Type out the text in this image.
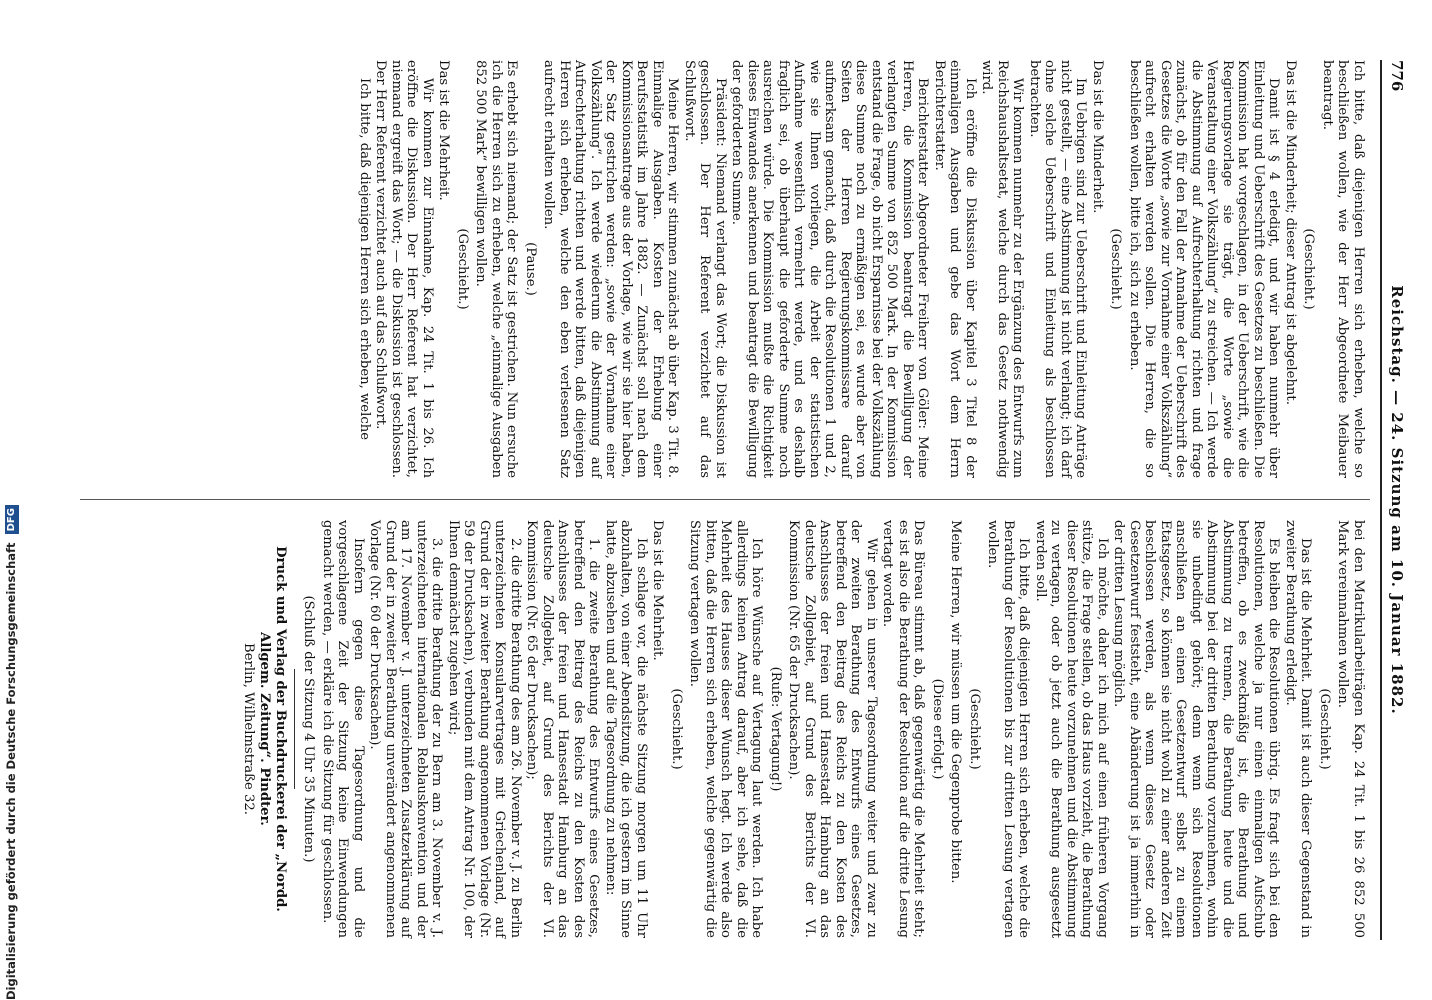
776
Reichstag. — 24. Sitzung am 10. Januar 1882.

Ich bitte, daß diejenigen Herren sich erheben, welche so beschließen wollen, wie der Herr Abgeordnete Meibauer beantragt.

(Geschieht.)

Das ist die Minderheit; dieser Antrag ist abgelehnt.

Damit ist § 4 erledigt, und wir haben nunmehr über Einleitung und Ueberschrift des Gesetzes zu beschließen. Die Kommission hat vorgeschlagen, in der Ueberschrift, wie die Regierungsvorlage sie trägt, die Worte „sowie die Veranstaltung einer Volkszählung“ zu streichen. — Ich werde die Abstimmung auf Aufrechterhaltung richten und frage zunächst, ob für den Fall der Annahme der Ueberschrift des Gesetzes die Worte „sowie zur Vornahme einer Volkszählung“ aufrecht erhalten werden sollen. Die Herren, die so beschließen wollen, bitte ich, sich zu erheben.

(Geschieht.)

Das ist die Minderheit.

Im Uebrigen sind zur Ueberschrift und Einleitung Anträge nicht gestellt, — eine Abstimmung ist nicht verlangt; ich darf ohne solche Ueberschrift und Einleitung als beschlossen betrachten.

Wir kommen nunmehr zu der Ergänzung des Entwurfs zum Reichshaushaltsetat, welche durch das Gesetz nothwendig wird.

Ich eröffne die Diskussion über Kapitel 3 Titel 8 der einmaligen Ausgaben und gebe das Wort dem Herrn Berichterstatter.

Berichterstatter Abgeordneter Freiherr von Göler: Meine Herren, die Kommission beantragt die Bewilligung der verlangten Summe von 852 500 Mark. In der Kommission entstand die Frage, ob nicht Ersparnisse bei der Volkszählung diese Summe noch zu ermäßigen sei, es wurde aber von Seiten der Herren Regierungskommissare darauf aufmerksam gemacht, daß durch die Resolutionen 1 und 2, wie sie Ihnen vorliegen, die Arbeit der statistischen Aufnahme wesentlich vermehrt werde, und es deshalb fraglich sei, ob überhaupt die geforderte Summe noch ausreichen würde. Die Kommission mußte die Richtigkeit dieses Einwandes anerkennen und beantragt die Bewilligung der geforderten Summe.

Präsident: Niemand verlangt das Wort; die Diskussion ist geschlossen. Der Herr Referent verzichtet auf das Schlußwort.

Meine Herren, wir stimmen zunächst ab über Kap. 3 Tit. 8. Einmalige Ausgaben. Kosten der Erhebung einer Berufsstatistik im Jahre 1882. — Zunächst soll nach dem Kommissionsantrage aus der Vorlage, wie wir sie hier haben, der Satz gestrichen werden: „sowie der Vornahme einer Volkszählung“. Ich werde wiederum die Abstimmung auf Aufrechterhaltung richten und werde bitten, daß diejenigen Herren sich erheben, welche den eben verlesenen Satz aufrecht erhalten wollen.

(Pause.)

Es erhebt sich niemand; der Satz ist gestrichen. Nun ersuche ich die Herren sich zu erheben, welche „einmalige Ausgaben 852 500 Mark“ bewilligen wollen.

(Geschieht.)

Das ist die Mehrheit.

Wir kommen zur Einnahme, Kap. 24 Tit. 1 bis 26. Ich eröffne die Diskussion. Der Herr Referent hat verzichtet, niemand ergreift das Wort; — die Diskussion ist geschlossen. Der Herr Referent verzichtet auch auf das Schlußwort.

Ich bitte, daß diejenigen Herren sich erheben, welche

bei den Matrikularbeiträgen Kap. 24 Tit. 1 bis 26 852 500 Mark vereinnahmen wollen.

(Geschieht.)

Das ist die Mehrheit. Damit ist auch dieser Gegenstand in zweiter Berathung erledigt.

Es bleiben die Resolutionen übrig. Es fragt sich bei den Resolutionen, welche ja nur einen einmaligen Aufschub betreffen, ob es zweckmäßig ist, die Berathung und Abstimmung zu trennen, die Berathung heute und die Abstimmung bei der dritten Berathung vorzunehmen, wohin sie unbedingt gehört; denn wenn sich Resolutionen anschließen an einen Gesetzentwurf selbst zu einem Etatsgesetz, so können sie nicht wohl zu einer anderen Zeit beschlossen werden, als wenn dieses Gesetz oder Gesetzentwurf feststeht, eine Abänderung ist ja immerhin in der dritten Lesung möglich.

Ich möchte, daher ich mich auf einen früheren Vorgang stütze, die Frage stellen, ob das Haus vorzieht, die Berathung dieser Resolutionen heute vorzunehmen und die Abstimmung zu vertagen, oder ob jetzt auch die Berathung ausgesetzt werden soll.

Ich bitte, daß diejenigen Herren sich erheben, welche die Berathung der Resolutionen bis zur dritten Lesung vertagen wollen.

(Geschieht.)

Meine Herren, wir müssen um die Gegenprobe bitten.

(Diese erfolgt.)

Das Büreau stimmt ab, daß gegenwärtig die Mehrheit steht; es ist also die Berathung der Resolution auf die dritte Lesung vertagt worden.

Wir gehen in unserer Tagesordnung weiter und zwar zu der zweiten Berathung des Entwurfs eines Gesetzes, betreffend den Beitrag des Reichs zu den Kosten des Anschlusses der freien und Hansestadt Hamburg an das deutsche Zollgebiet, auf Grund des Berichts der VI. Kommission (Nr. 65 der Drucksachen).

(Rufe: Vertagung!)

Ich höre Wünsche auf Vertagung laut werden. Ich habe allerdings keinen Antrag darauf, aber ich sehe, daß die Mehrheit des Hauses dieser Wunsch hegt. Ich werde also bitten, daß die Herren sich erheben, welche gegenwärtig die Sitzung vertagen wollen.

(Geschieht.)

Das ist die Mehrheit.

Ich schlage vor, die nächste Sitzung morgen um 11 Uhr abzuhalten, von einer Abendsitzung, die ich gestern im Sinne hatte, abzusehen und auf die Tagesordnung zu nehmen:

1. die zweite Berathung des Entwurfs eines Gesetzes, betreffend den Beitrag des Reichs zu den Kosten des Anschlusses der freien und Hansestadt Hamburg an das deutsche Zollgebiet, auf Grund des Berichts der VI. Kommission (Nr. 65 der Drucksachen);

2. die dritte Berathung des am 26. November v. J. zu Berlin unterzeichneten Konsularvertrages mit Griechenland, auf Grund der in zweiter Berathung angenommenen Vorlage (Nr. 59 der Drucksachen), verbunden mit dem Antrag Nr. 100, der Ihnen demnächst zugehen wird;

3. die dritte Berathung der zu Bern am 3. November v. J. unterzeichneten internationalen Reblauskonvention und der am 17. November v. J. unterzeichneten Zusatzerklärung auf Grund der in zweiter Berathung unverändert angenommenen Vorlage (Nr. 60 der Drucksachen).

Insofern gegen diese Tagesordnung und die vorgeschlagene Zeit der Sitzung keine Einwendungen gemacht werden, — erkläre ich die Sitzung für geschlossen.

(Schluß der Sitzung 4 Uhr 35 Minuten.)

Druck und Verlag der Buchdruckerei der „Nordd. Allgem. Zeitung“. Pindter.

Berlin, Wilhelmstraße 32.

Digitalisierung gefördert durch die Deutsche Forschungsgemeinschaft DFG
